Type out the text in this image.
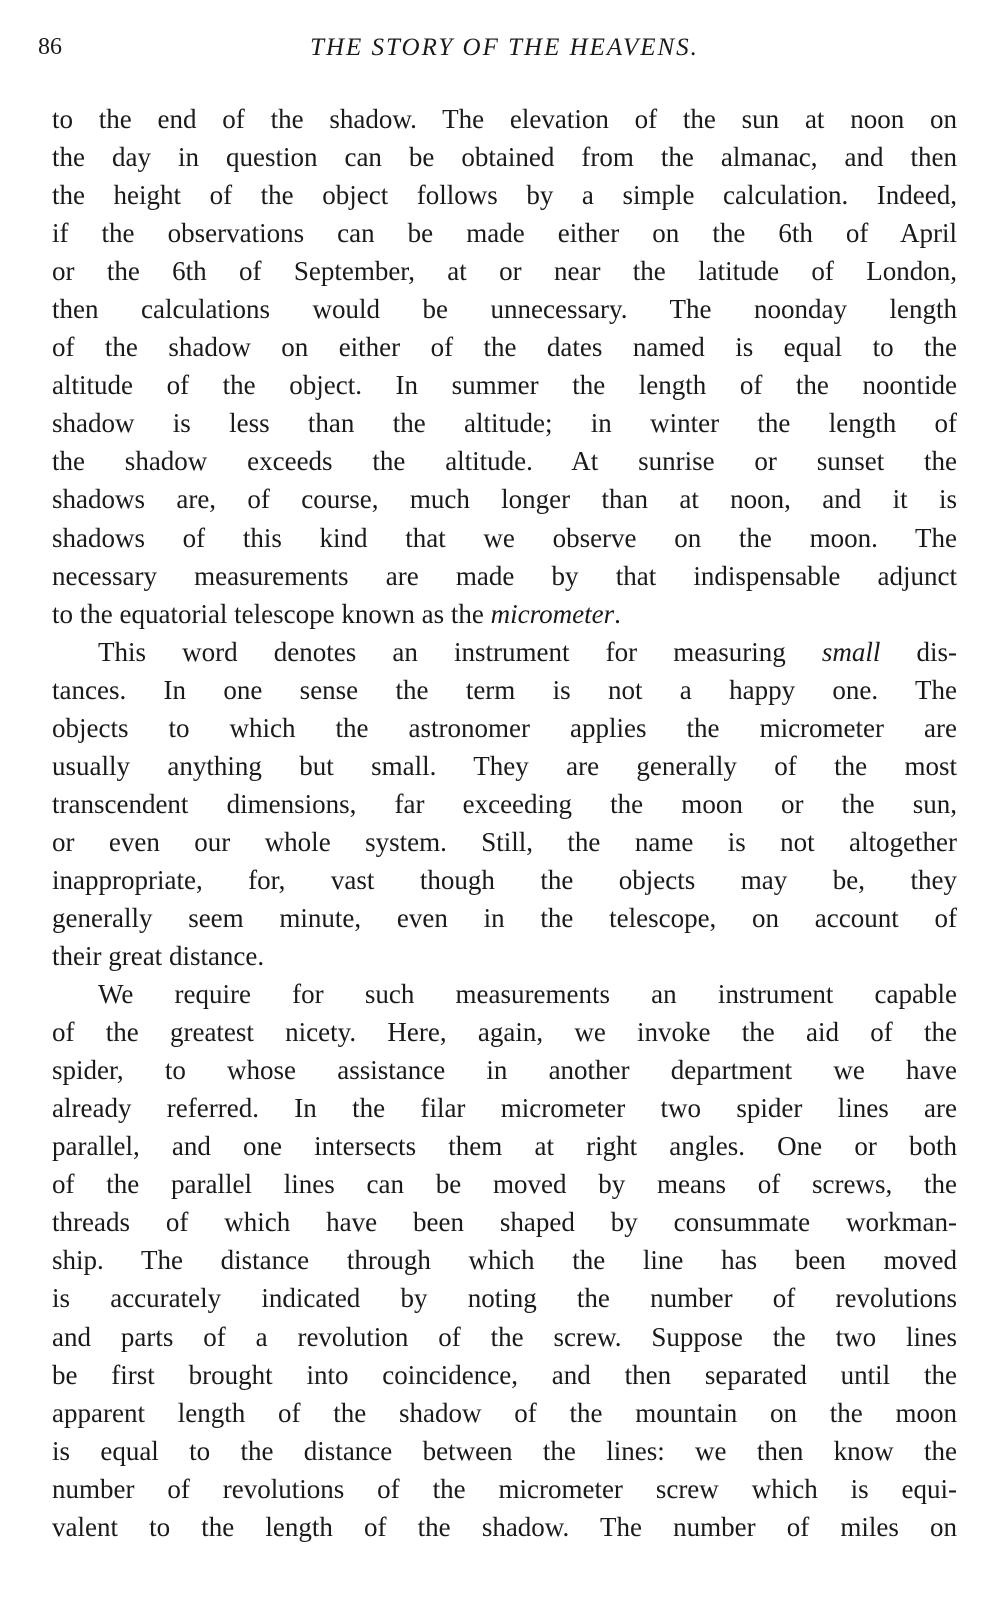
86	THE STORY OF THE HEAVENS.
to the end of the shadow. The elevation of the sun at noon on
the day in question can be obtained from the almanac, and then
the height of the object follows by a simple calculation. Indeed,
if the observations can be made either on the 6th of April
or the 6th of September, at or near the latitude of London,
then calculations would be unnecessary. The noonday length
of the shadow on either of the dates named is equal to the
altitude of the object. In summer the length of the noontide
shadow is less than the altitude; in winter the length of
the shadow exceeds the altitude. At sunrise or sunset the
shadows are, of course, much longer than at noon, and it is
shadows of this kind that we observe on the moon. The
necessary measurements are made by that indispensable adjunct
to the equatorial telescope known as the micrometer.
This word denotes an instrument for measuring small dis-
tances. In one sense the term is not a happy one. The
objects to which the astronomer applies the micrometer are
usually anything but small. They are generally of the most
transcendent dimensions, far exceeding the moon or the sun,
or even our whole system. Still, the name is not altogether
inappropriate, for, vast though the objects may be, they
generally seem minute, even in the telescope, on account of
their great distance.
We require for such measurements an instrument capable
of the greatest nicety. Here, again, we invoke the aid of the
spider, to whose assistance in another department we have
already referred. In the filar micrometer two spider lines are
parallel, and one intersects them at right angles. One or both
of the parallel lines can be moved by means of screws, the
threads of which have been shaped by consummate workman-
ship. The distance through which the line has been moved
is accurately indicated by noting the number of revolutions
and parts of a revolution of the screw. Suppose the two lines
be first brought into coincidence, and then separated until the
apparent length of the shadow of the mountain on the moon
is equal to the distance between the lines: we then know the
number of revolutions of the micrometer screw which is equi-
valent to the length of the shadow. The number of miles on
